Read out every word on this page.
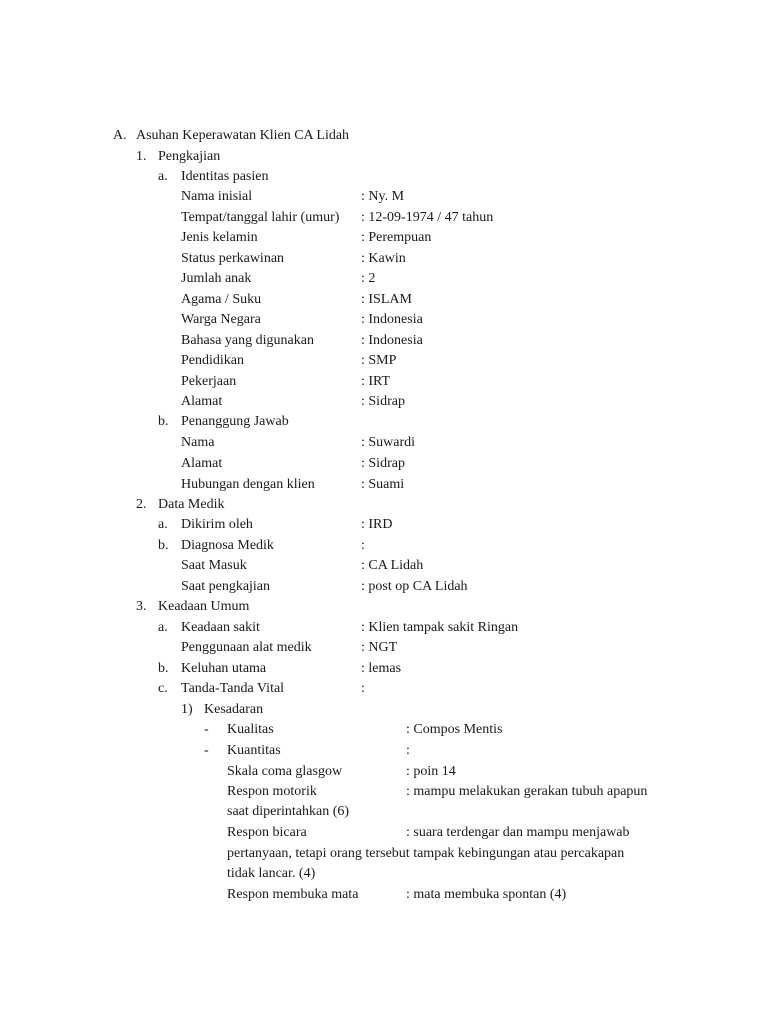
A. Asuhan Keperawatan Klien CA Lidah
1. Pengkajian
a. Identitas pasien
Nama inisial	: Ny. M
Tempat/tanggal lahir (umur) : 12-09-1974 / 47 tahun
Jenis kelamin	: Perempuan
Status perkawinan	: Kawin
Jumlah anak	: 2
Agama / Suku	: ISLAM
Warga Negara	: Indonesia
Bahasa yang digunakan	: Indonesia
Pendidikan	: SMP
Pekerjaan	: IRT
Alamat	: Sidrap
b. Penanggung Jawab
Nama	: Suwardi
Alamat	: Sidrap
Hubungan dengan klien	: Suami
2. Data Medik
a. Dikirim oleh	: IRD
b. Diagnosa Medik	:
Saat Masuk	: CA Lidah
Saat pengkajian	: post op CA Lidah
3. Keadaan Umum
a. Keadaan sakit	: Klien tampak sakit Ringan
Penggunaan alat medik	: NGT
b. Keluhan utama	: lemas
c. Tanda-Tanda Vital	:
1) Kesadaran
- Kualitas	: Compos Mentis
- Kuantitas	:
Skala coma glasgow	: poin 14
Respon motorik	: mampu melakukan gerakan tubuh apapun
saat diperintahkan (6)
Respon bicara	: suara terdengar dan mampu menjawab
pertanyaan, tetapi orang tersebut tampak kebingungan atau percakapan
tidak lancar. (4)
Respon membuka mata	: mata membuka spontan (4)
